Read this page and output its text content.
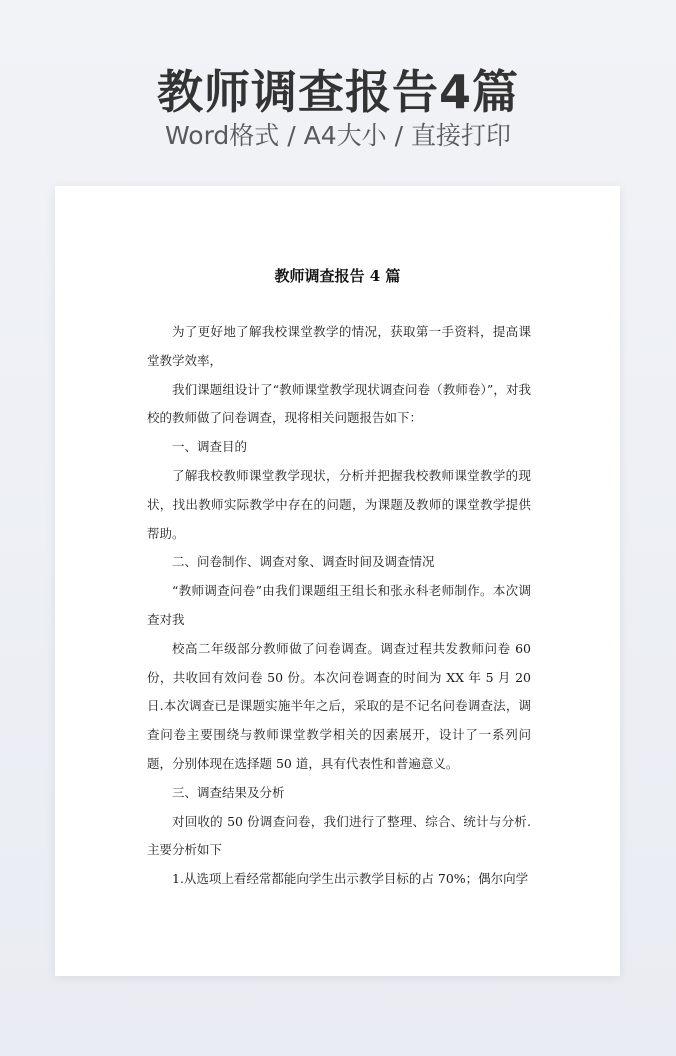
教师调查报告4篇
Word格式 / A4大小 / 直接打印
教师调查报告 4 篇

为了更好地了解我校课堂教学的情况，获取第一手资料，提高课堂教学效率，

我们课题组设计了“教师课堂教学现状调查问卷（教师卷）”，对我校的教师做了问卷调查，现将相关问题报告如下：

一、调查目的

了解我校教师课堂教学现状，分析并把握我校教师课堂教学的现状，找出教师实际教学中存在的问题，为课题及教师的课堂教学提供帮助。

二、问卷制作、调查对象、调查时间及调查情况

“教师调查问卷”由我们课题组王组长和张永科老师制作。本次调查对我

校高二年级部分教师做了问卷调查。调查过程共发教师问卷 60 份，共收回有效问卷 50 份。本次问卷调查的时间为 XX 年 5 月 20 日.本次调查已是课题实施半年之后，采取的是不记名问卷调查法，调查问卷主要围绕与教师课堂教学相关的因素展开，设计了一系列问题，分别体现在选择题 50 道，具有代表性和普遍意义。

三、调查结果及分析

对回收的 50 份调查问卷，我们进行了整理、综合、统计与分析.主要分析如下

1.从选项上看经常都能向学生出示教学目标的占 70%；偶尔向学
